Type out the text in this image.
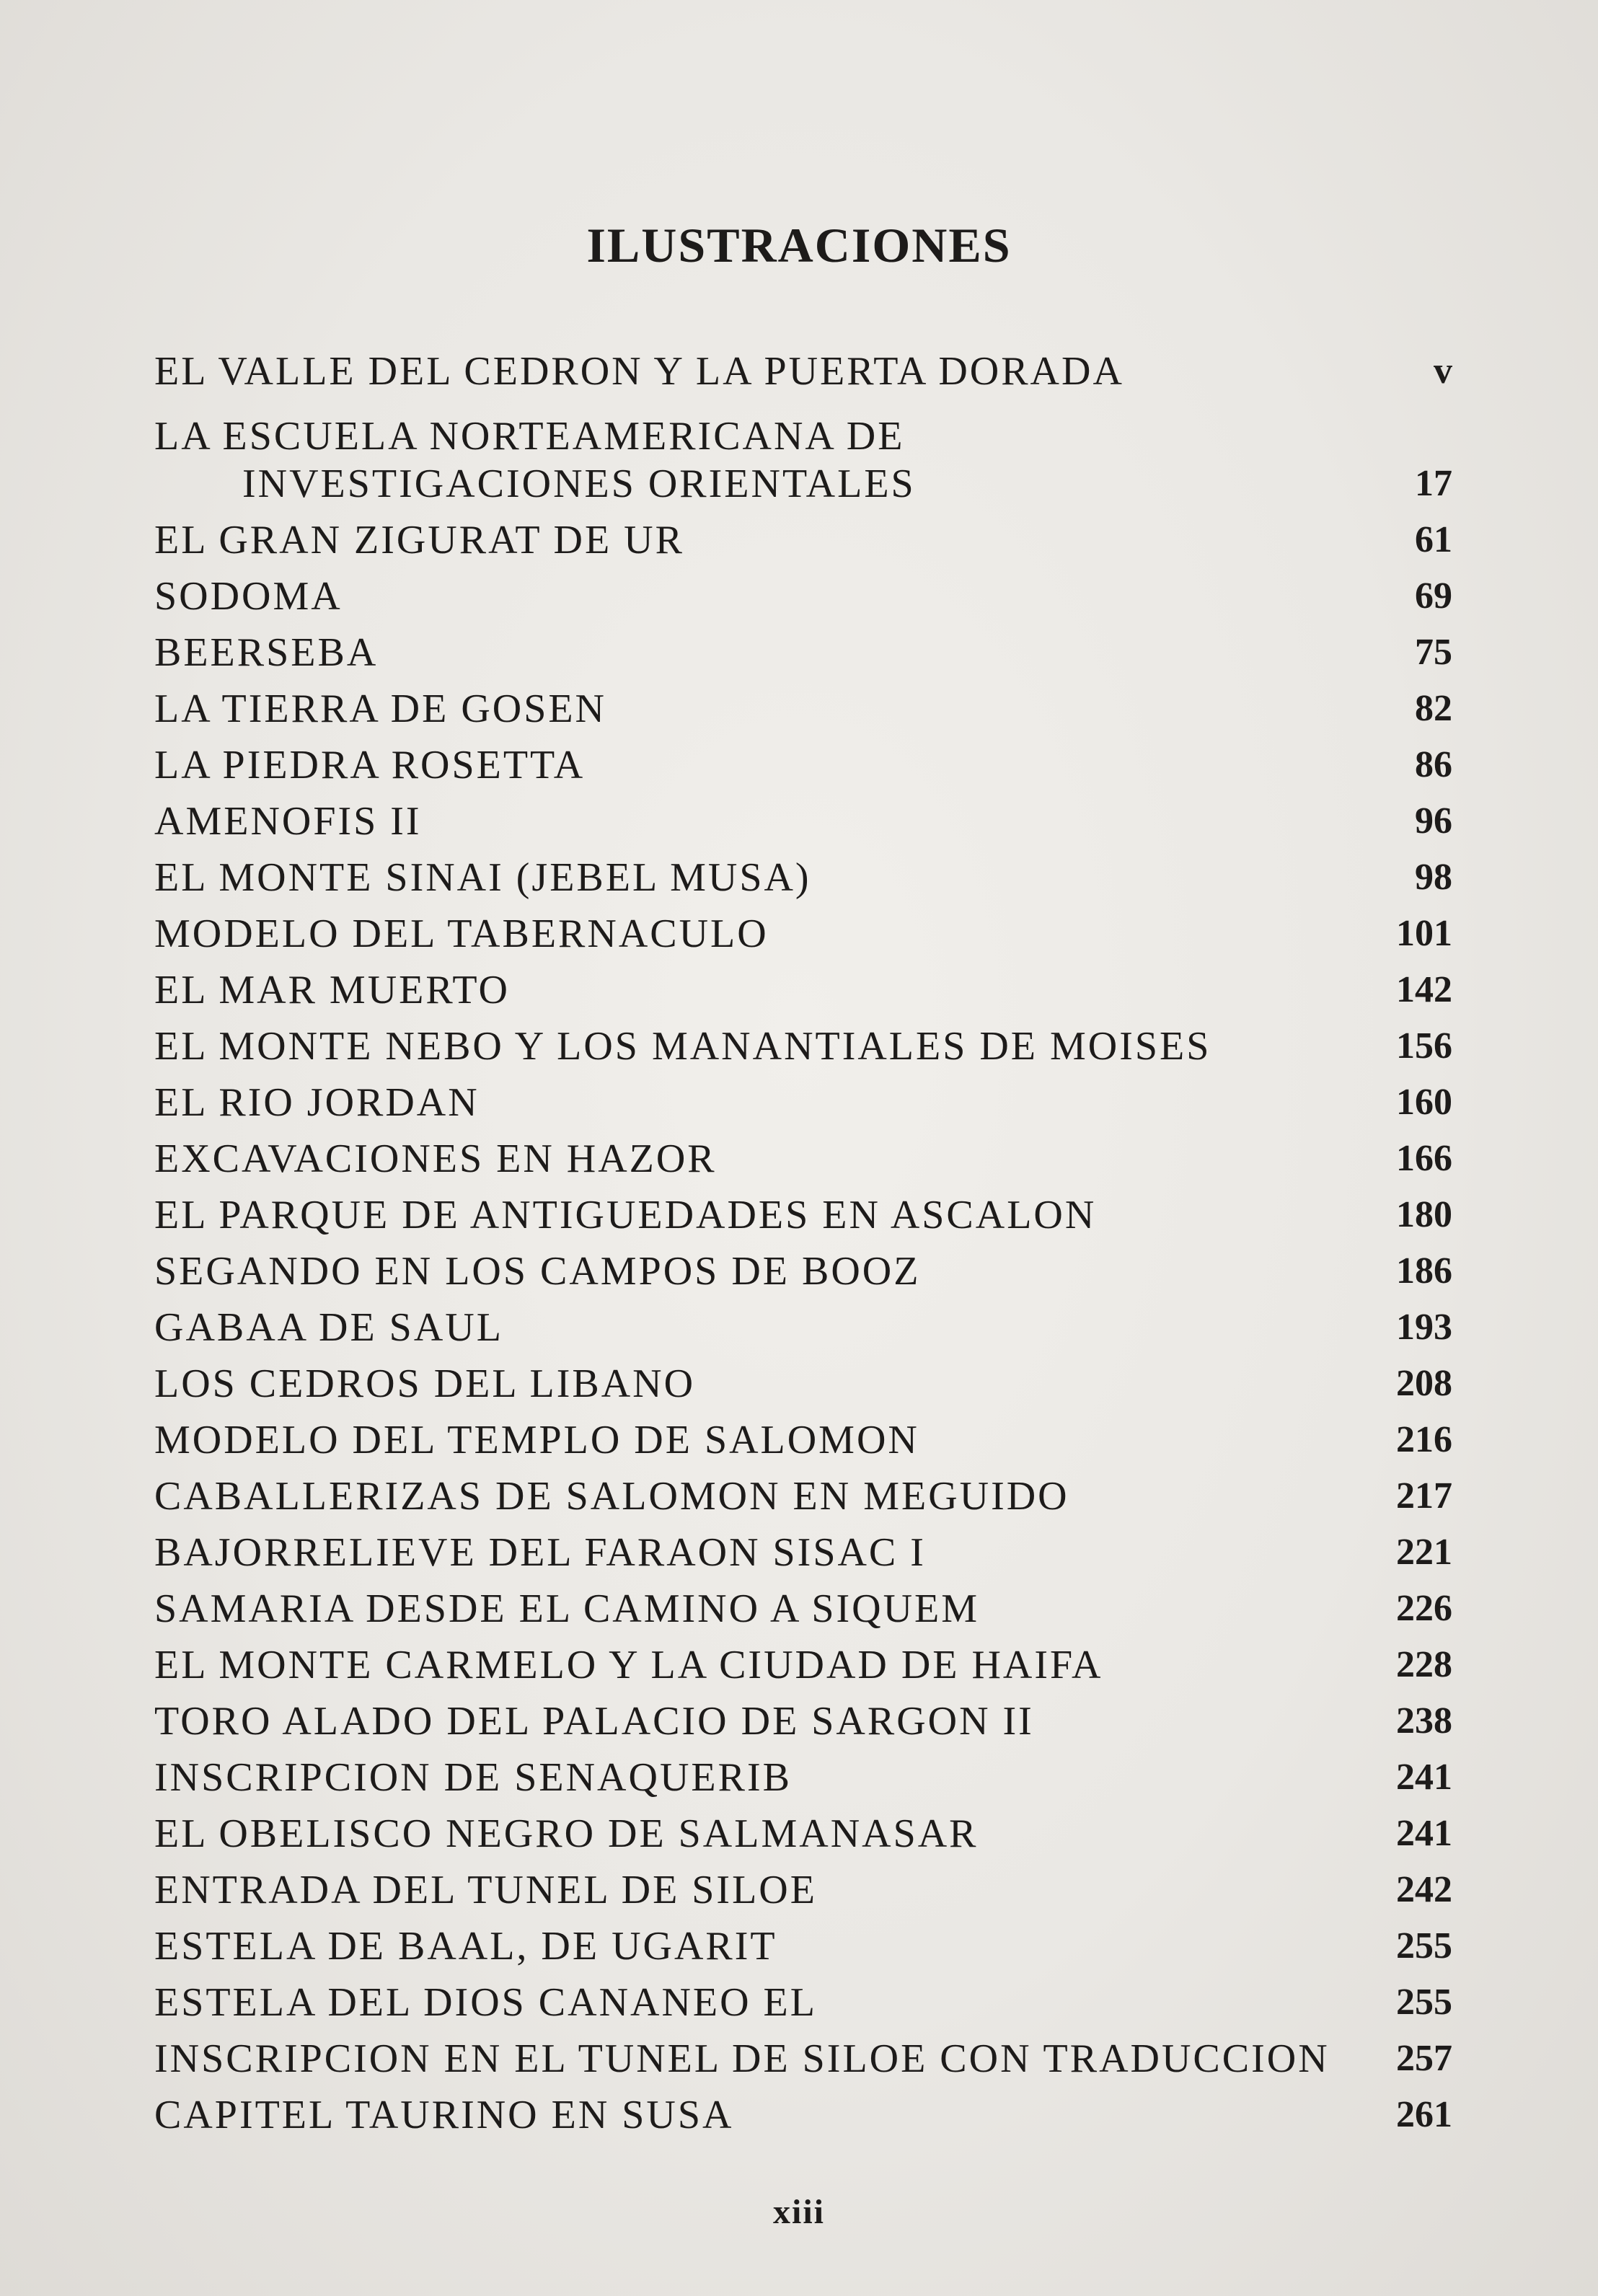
ILUSTRACIONES
EL VALLE DEL CEDRON Y LA PUERTA DORADA	v
LA ESCUELA NORTEAMERICANA DE
INVESTIGACIONES ORIENTALES	17
EL GRAN ZIGURAT DE UR	61
SODOMA	69
BEERSEBA	75
LA TIERRA DE GOSEN	82
LA PIEDRA ROSETTA	86
AMENOFIS II	96
EL MONTE SINAI (JEBEL MUSA)	98
MODELO DEL TABERNACULO	101
EL MAR MUERTO	142
EL MONTE NEBO Y LOS MANANTIALES DE MOISES	156
EL RIO JORDAN	160
EXCAVACIONES EN HAZOR	166
EL PARQUE DE ANTIGUEDADES EN ASCALON	180
SEGANDO EN LOS CAMPOS DE BOOZ	186
GABAA DE SAUL	193
LOS CEDROS DEL LIBANO	208
MODELO DEL TEMPLO DE SALOMON	216
CABALLERIZAS DE SALOMON EN MEGUIDO	217
BAJORRELIEVE DEL FARAON SISAC I	221
SAMARIA DESDE EL CAMINO A SIQUEM	226
EL MONTE CARMELO Y LA CIUDAD DE HAIFA	228
TORO ALADO DEL PALACIO DE SARGON II	238
INSCRIPCION DE SENAQUERIB	241
EL OBELISCO NEGRO DE SALMANASAR	241
ENTRADA DEL TUNEL DE SILOE	242
ESTELA DE BAAL, DE UGARIT	255
ESTELA DEL DIOS CANANEO EL	255
INSCRIPCION EN EL TUNEL DE SILOE CON TRADUCCION	257
CAPITEL TAURINO EN SUSA	261
xiii
